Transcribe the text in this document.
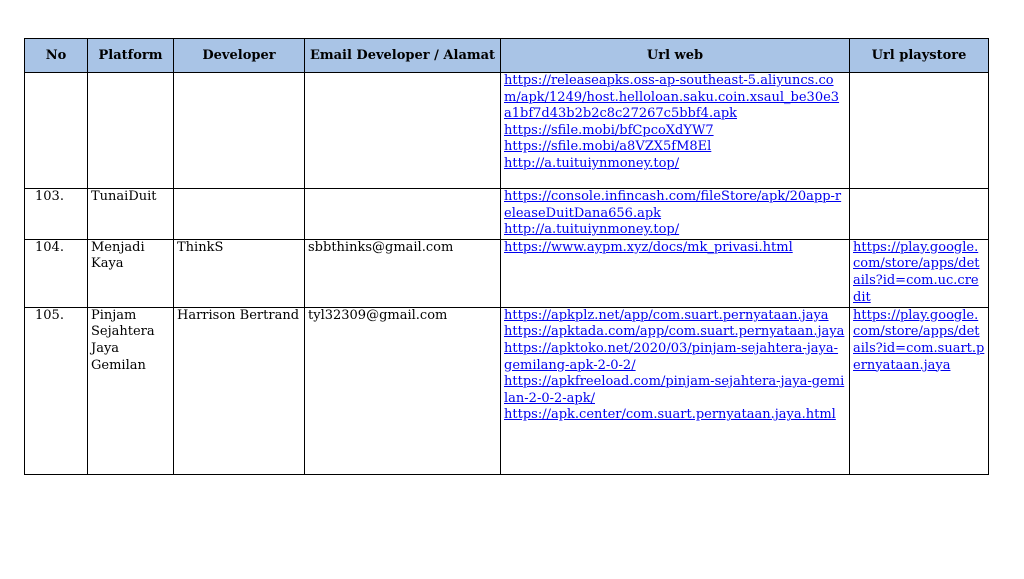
No	Platform	Developer	Email Developer / Alamat	Url web	Url playstore

				https://releaseapks.oss-ap-southeast-5.aliyuncs.com/apk/1249/host.helloloan.saku.coin.xsaul_be30e3a1bf7d43b2b2c8c27267c5bbf4.apk
https://sfile.mobi/bfCpcoXdYW7
https://sfile.mobi/a8VZX5fM8El
http://a.tuituiynmoney.top/	

103.	TunaiDuit			https://console.infincash.com/fileStore/apk/20app-releaseDuitDana656.apk
http://a.tuituiynmoney.top/	

104.	Menjadi Kaya	ThinkS	sbbthinks@gmail.com	https://www.aypm.xyz/docs/mk_privasi.html	https://play.google.com/store/apps/details?id=com.uc.credit

105.	Pinjam Sejahtera Jaya Gemilan	Harrison Bertrand	tyl32309@gmail.com	https://apkplz.net/app/com.suart.pernyataan.jaya
https://apktada.com/app/com.suart.pernyataan.jaya
https://apktoko.net/2020/03/pinjam-sejahtera-jaya-gemilang-apk-2-0-2/
https://apkfreeload.com/pinjam-sejahtera-jaya-gemilan-2-0-2-apk/
https://apk.center/com.suart.pernyataan.jaya.html	https://play.google.com/store/apps/details?id=com.suart.pernyataan.jaya
